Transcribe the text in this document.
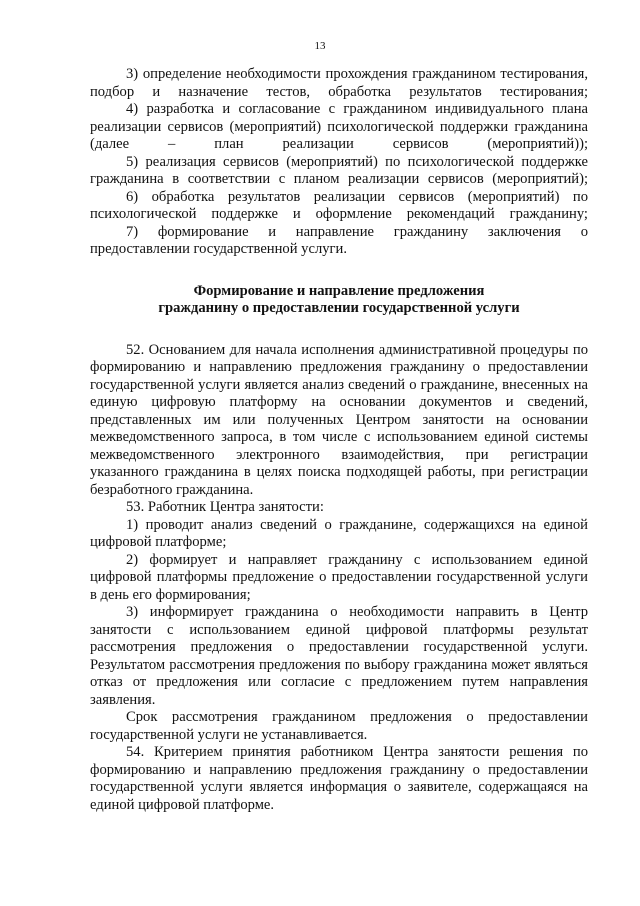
13

3) определение необходимости прохождения гражданином тестирования, подбор и назначение тестов, обработка результатов тестирования;

4) разработка и согласование с гражданином индивидуального плана реализации сервисов (мероприятий) психологической поддержки гражданина (далее – план реализации сервисов (мероприятий));

5) реализация сервисов (мероприятий) по психологической поддержке гражданина в соответствии с планом реализации сервисов (мероприятий);

6) обработка результатов реализации сервисов (мероприятий) по психологической поддержке и оформление рекомендаций гражданину;

7) формирование и направление гражданину заключения о предоставлении государственной услуги.

Формирование и направление предложения
гражданину о предоставлении государственной услуги

52. Основанием для начала исполнения административной процедуры по формированию и направлению предложения гражданину о предоставлении государственной услуги является анализ сведений о гражданине, внесенных на единую цифровую платформу на основании документов и сведений, представленных им или полученных Центром занятости на основании межведомственного запроса, в том числе с использованием единой системы межведомственного электронного взаимодействия, при регистрации указанного гражданина в целях поиска подходящей работы, при регистрации безработного гражданина.

53. Работник Центра занятости:

1) проводит анализ сведений о гражданине, содержащихся на единой цифровой платформе;

2) формирует и направляет гражданину с использованием единой цифровой платформы предложение о предоставлении государственной услуги в день его формирования;

3) информирует гражданина о необходимости направить в Центр занятости с использованием единой цифровой платформы результат рассмотрения предложения о предоставлении государственной услуги. Результатом рассмотрения предложения по выбору гражданина может являться отказ от предложения или согласие с предложением путем направления заявления.

Срок рассмотрения гражданином предложения о предоставлении государственной услуги не устанавливается.

54. Критерием принятия работником Центра занятости решения по формированию и направлению предложения гражданину о предоставлении государственной услуги является информация о заявителе, содержащаяся на единой цифровой платформе.
